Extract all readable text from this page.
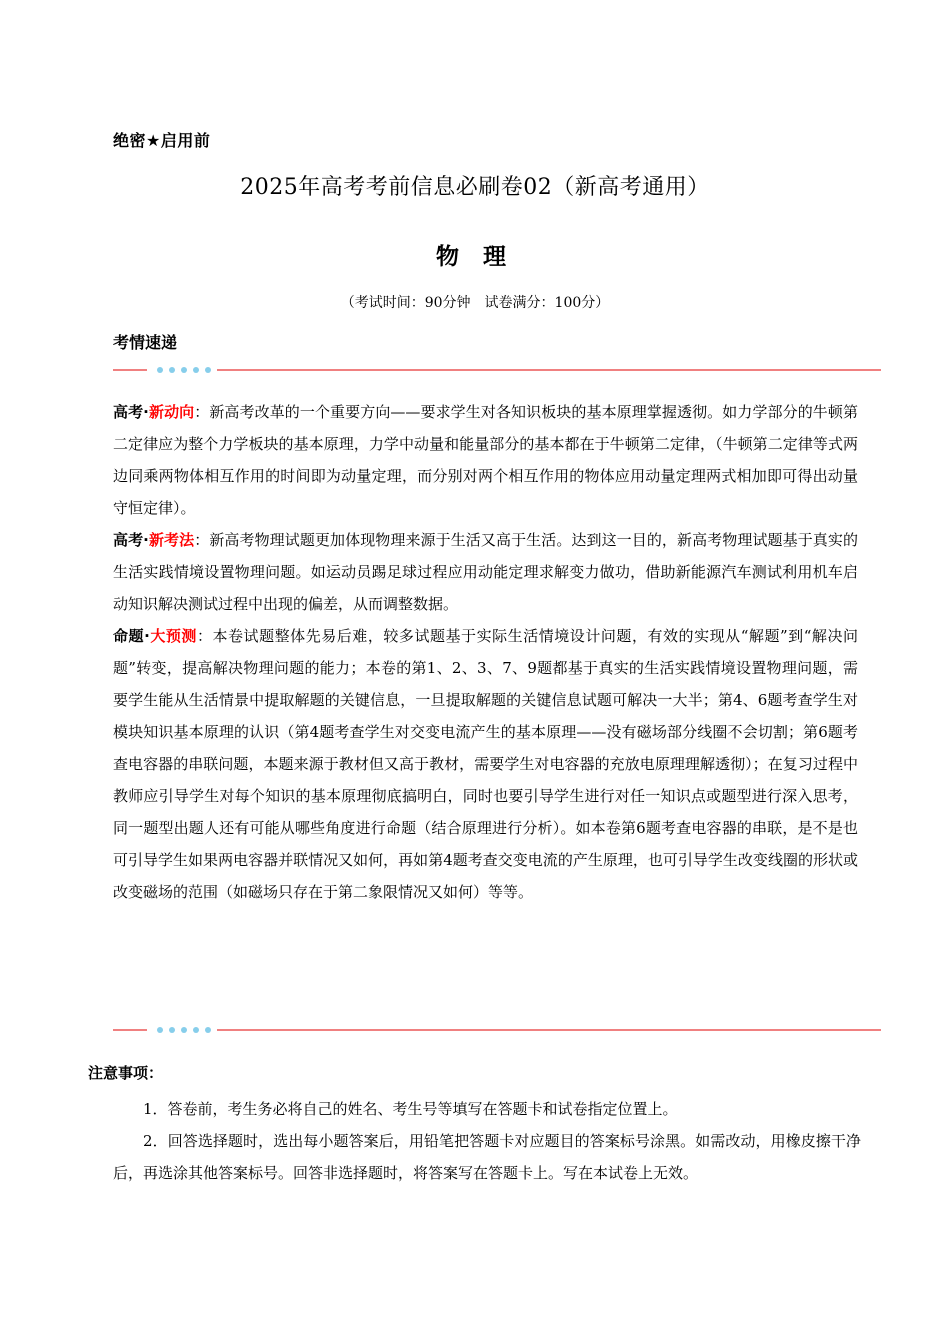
绝密★启用前
2025年高考考前信息必刷卷02（新高考通用）
物 理
（考试时间：90分钟　试卷满分：100分）
考情速递

高考·新动向：新高考改革的一个重要方向——要求学生对各知识板块的基本原理掌握透彻。如力学部分的牛顿第二定律应为整个力学板块的基本原理，力学中动量和能量部分的基本都在于牛顿第二定律，（牛顿第二定律等式两边同乘两物体相互作用的时间即为动量定理，而分别对两个相互作用的物体应用动量定理两式相加即可得出动量守恒定律）。

高考·新考法：新高考物理试题更加体现物理来源于生活又高于生活。达到这一目的，新高考物理试题基于真实的生活实践情境设置物理问题。如运动员踢足球过程应用动能定理求解变力做功，借助新能源汽车测试利用机车启动知识解决测试过程中出现的偏差，从而调整数据。

命题·大预测：本卷试题整体先易后难，较多试题基于实际生活情境设计问题，有效的实现从“解题”到“解决问题”转变，提高解决物理问题的能力；本卷的第1、2、3、7、9题都基于真实的生活实践情境设置物理问题，需要学生能从生活情景中提取解题的关键信息，一旦提取解题的关键信息试题可解决一大半；第4、6题考查学生对模块知识基本原理的认识（第4题考查学生对交变电流产生的基本原理——没有磁场部分线圈不会切割；第6题考查电容器的串联问题，本题来源于教材但又高于教材，需要学生对电容器的充放电原理理解透彻）；在复习过程中教师应引导学生对每个知识的基本原理彻底搞明白，同时也要引导学生进行对任一知识点或题型进行深入思考，同一题型出题人还有可能从哪些角度进行命题（结合原理进行分析）。如本卷第6题考查电容器的串联，是不是也可引导学生如果两电容器并联情况又如何，再如第4题考查交变电流的产生原理，也可引导学生改变线圈的形状或改变磁场的范围（如磁场只存在于第二象限情况又如何）等等。

注意事项：

1．答卷前，考生务必将自己的姓名、考生号等填写在答题卡和试卷指定位置上。

2．回答选择题时，选出每小题答案后，用铅笔把答题卡对应题目的答案标号涂黑。如需改动，用橡皮擦干净后，再选涂其他答案标号。回答非选择题时，将答案写在答题卡上。写在本试卷上无效。
